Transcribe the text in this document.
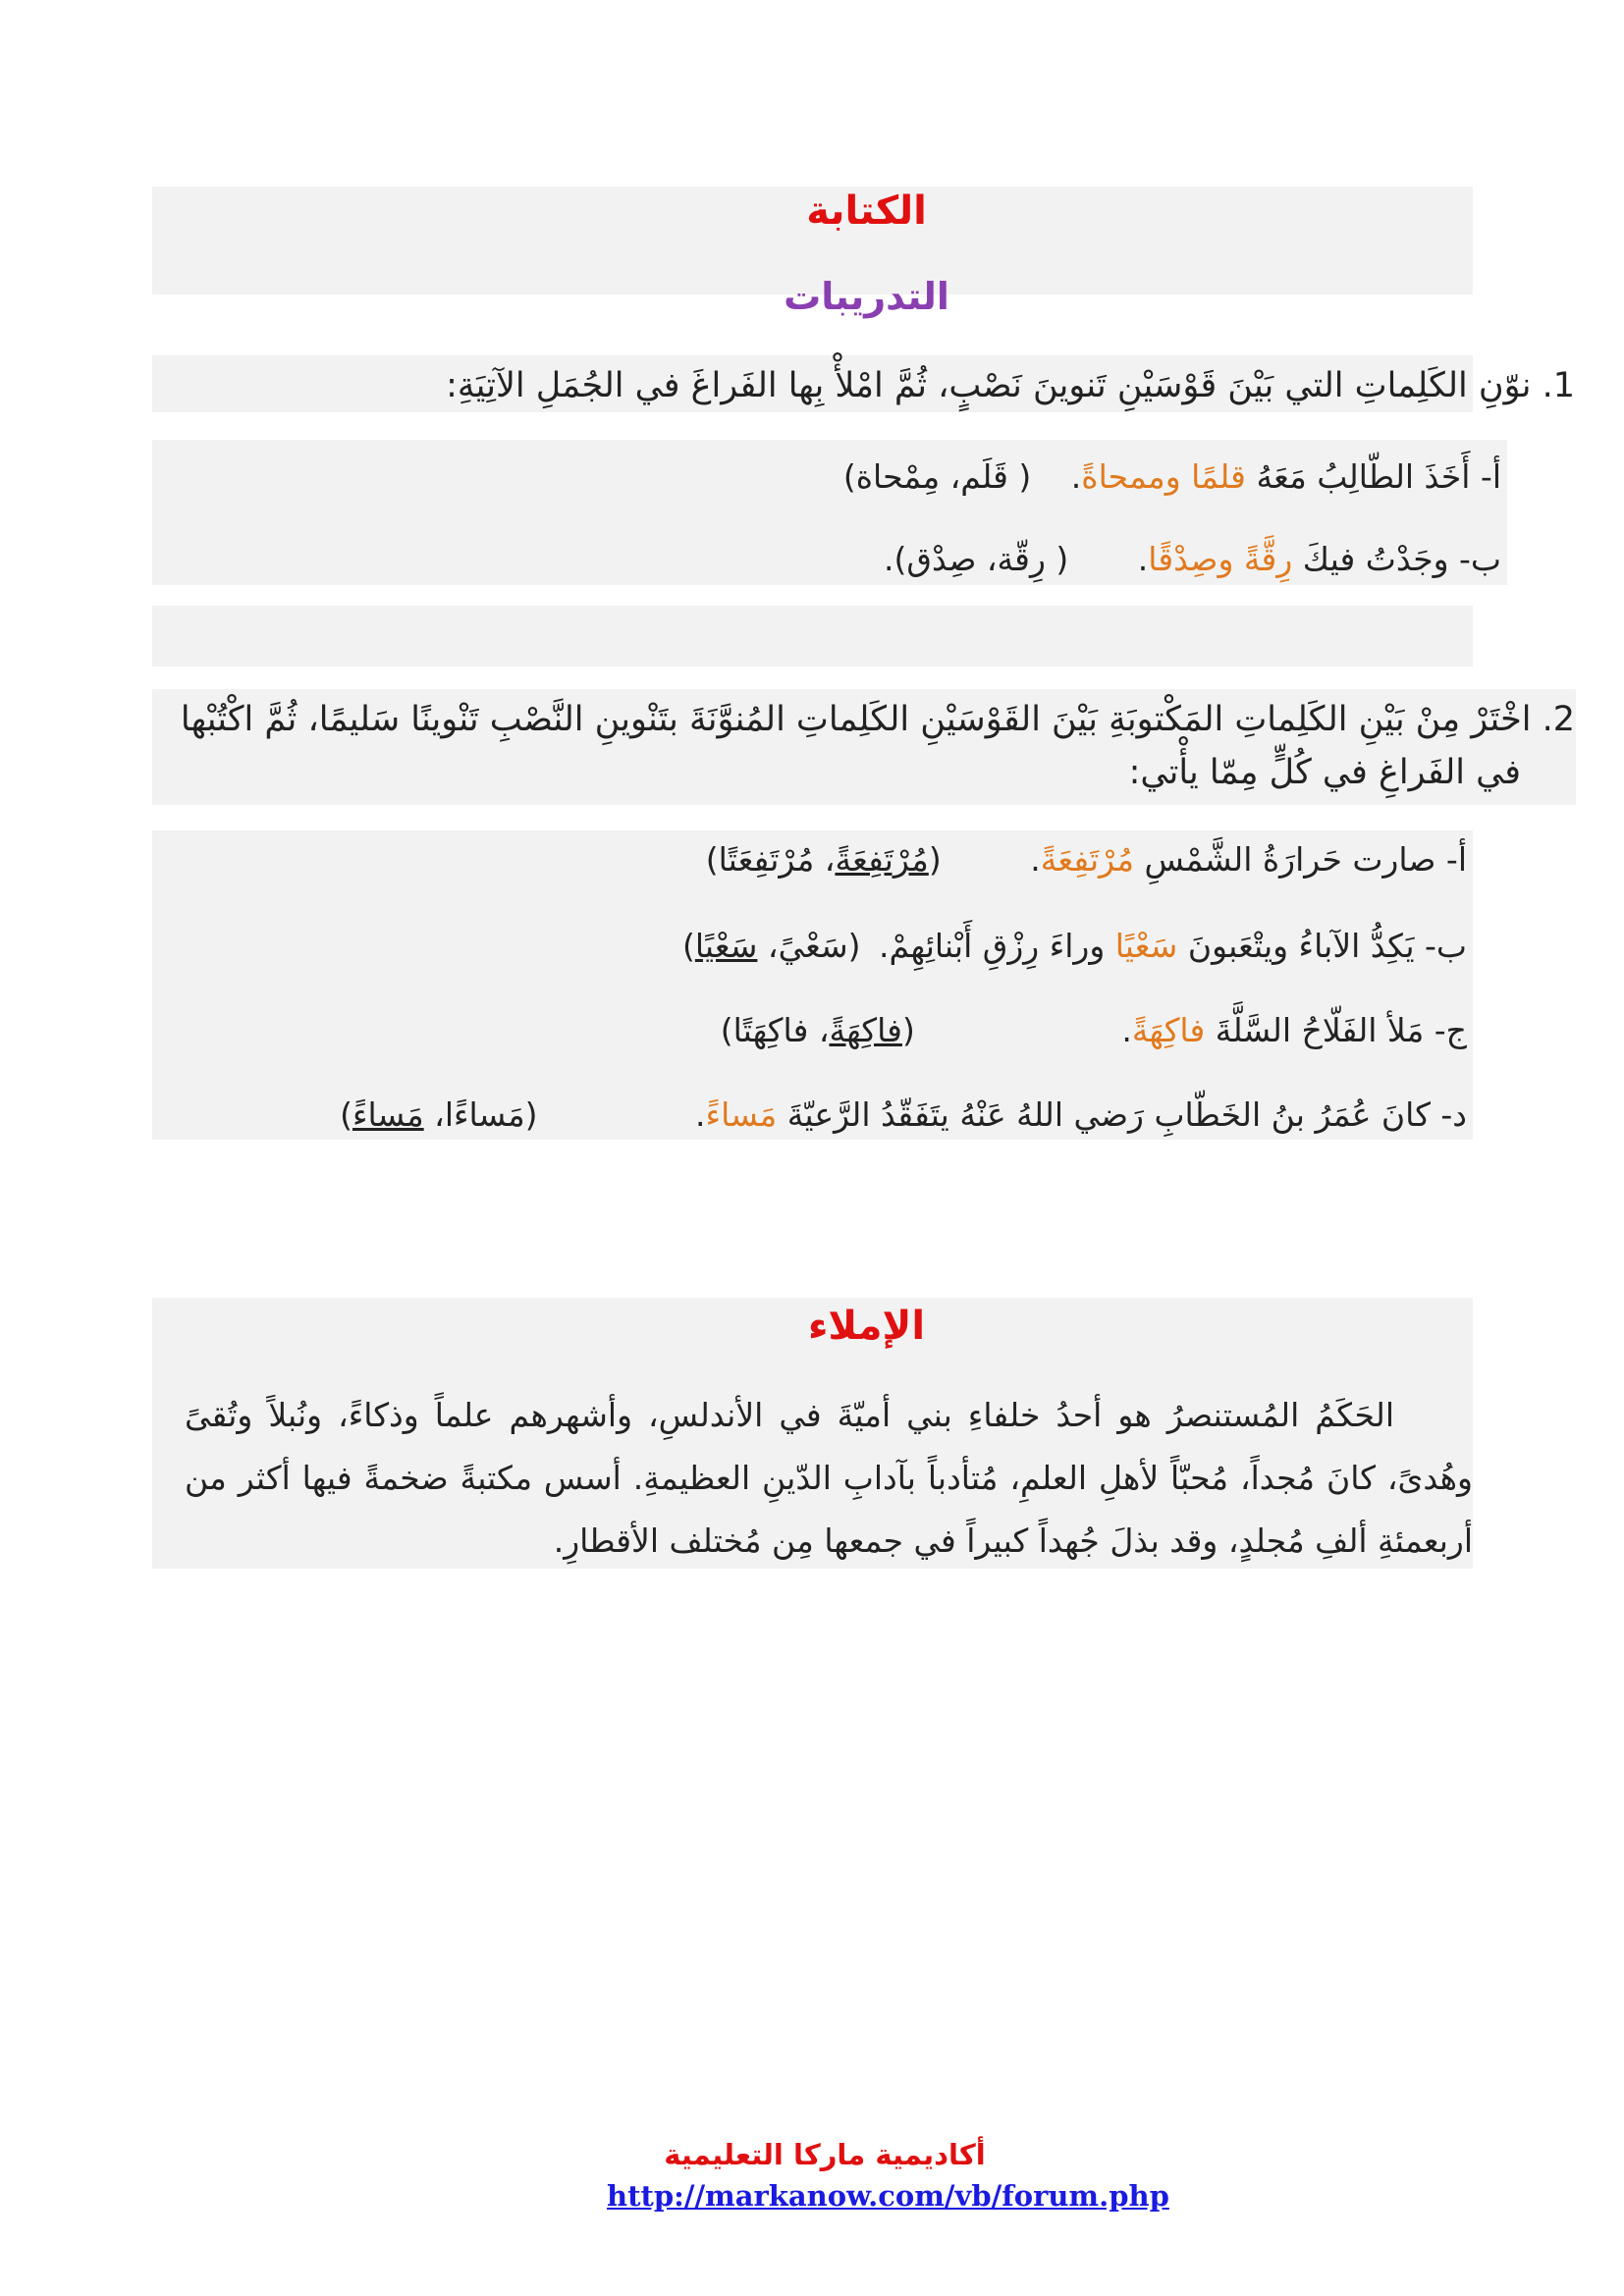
الكتابة
التدريبات
1. نوّنِ الكَلِماتِ التي بَيْنَ قَوْسَيْنِ تَنوينَ نَصْبٍ، ثُمَّ امْلأْ بِها الفَراغَ في الجُمَلِ الآتِيَةِ:
أ- أَخَذَ الطّالِبُ مَعَهُ قلمًا وممحاةً. ( قَلَم، مِمْحاة)
ب- وجَدْتُ فيكَ رِقَّةً وصِدْقًا. ( رِقّة، صِدْق).
2. اخْتَرْ مِنْ بَيْنِ الكَلِماتِ المَكْتوبَةِ بَيْنَ القَوْسَيْنِ الكَلِماتِ المُنوَّنَةَ بتَنْوينِ النَّصْبِ تَنْوينًا سَليمًا، ثُمَّ اكْتُبْها
في الفَراغِ في كُلٍّ مِمّا يأْتي:
أ- صارت حَرارَةُ الشَّمْسِ مُرْتَفِعَةً. (مُرْتَفِعَةً، مُرْتَفِعَتًا)
ب- يَكِدُّ الآباءُ ويتْعَبونَ سَعْيًا وراءَ رِزْقِ أَبْنائِهِمْ. (سَعْيً، سَعْيًا)
ج- مَلأ الفَلّاحُ السَّلَّةَ فاكِهَةً. (فاكِهَةً، فاكِهَتًا)
د- كانَ عُمَرُ بنُ الخَطّابِ رَضي اللهُ عَنْهُ يتَفَقّدُ الرَّعيّةَ مَساءً. (مَساءًا، مَساءً)
الإملاء
الحَكَمُ المُستنصرُ هو أحدُ خلفاءِ بني أميّةَ في الأندلسِ، وأشهرهم علماً وذكاءً، ونُبلاً وتُقىً وهُدىً، كانَ مُجداً، مُحبّاً لأهلِ العلمِ، مُتأدباً بآدابِ الدّينِ العظيمةِ. أسس مكتبةً ضخمةً فيها أكثر من أربعمئةِ ألفِ مُجلدٍ، وقد بذلَ جُهداً كبيراً في جمعها مِن مُختلف الأقطارِ.
أكاديمية ماركا التعليمية
http://markanow.com/vb/forum.php
